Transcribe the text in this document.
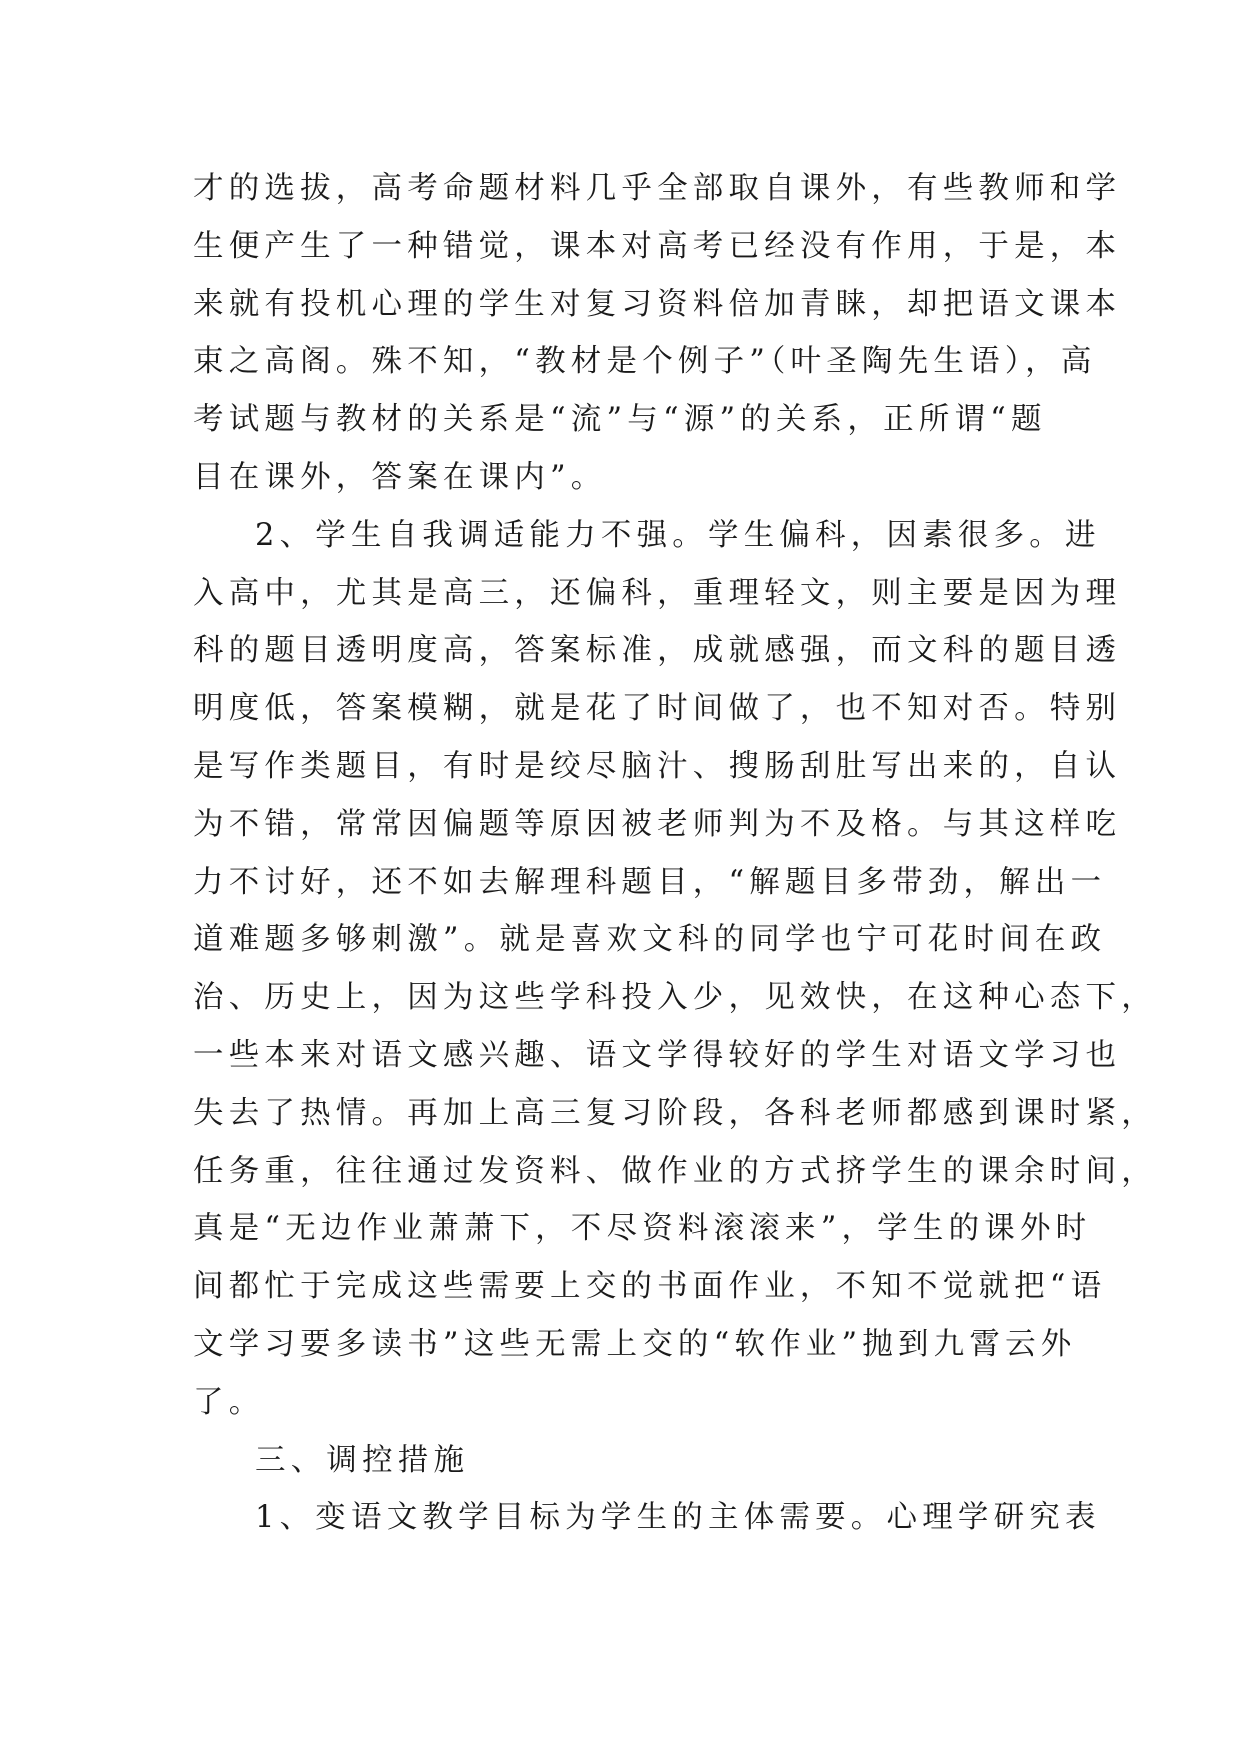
才的选拔，高考命题材料几乎全部取自课外，有些教师和学
生便产生了一种错觉，课本对高考已经没有作用，于是，本
来就有投机心理的学生对复习资料倍加青睐，却把语文课本
束之高阁。殊不知，“教材是个例子”（叶圣陶先生语），高
考试题与教材的关系是“流”与“源”的关系，正所谓“题
目在课外，答案在课内”。
2、学生自我调适能力不强。学生偏科，因素很多。进
入高中，尤其是高三，还偏科，重理轻文，则主要是因为理
科的题目透明度高，答案标准，成就感强，而文科的题目透
明度低，答案模糊，就是花了时间做了，也不知对否。特别
是写作类题目，有时是绞尽脑汁、搜肠刮肚写出来的，自认
为不错，常常因偏题等原因被老师判为不及格。与其这样吃
力不讨好，还不如去解理科题目，“解题目多带劲，解出一
道难题多够刺激”。就是喜欢文科的同学也宁可花时间在政
治、历史上，因为这些学科投入少，见效快，在这种心态下，
一些本来对语文感兴趣、语文学得较好的学生对语文学习也
失去了热情。再加上高三复习阶段，各科老师都感到课时紧，
任务重，往往通过发资料、做作业的方式挤学生的课余时间，
真是“无边作业萧萧下，不尽资料滚滚来”，学生的课外时
间都忙于完成这些需要上交的书面作业，不知不觉就把“语
文学习要多读书”这些无需上交的“软作业”抛到九霄云外
了。
三、调控措施
1、变语文教学目标为学生的主体需要。心理学研究表
